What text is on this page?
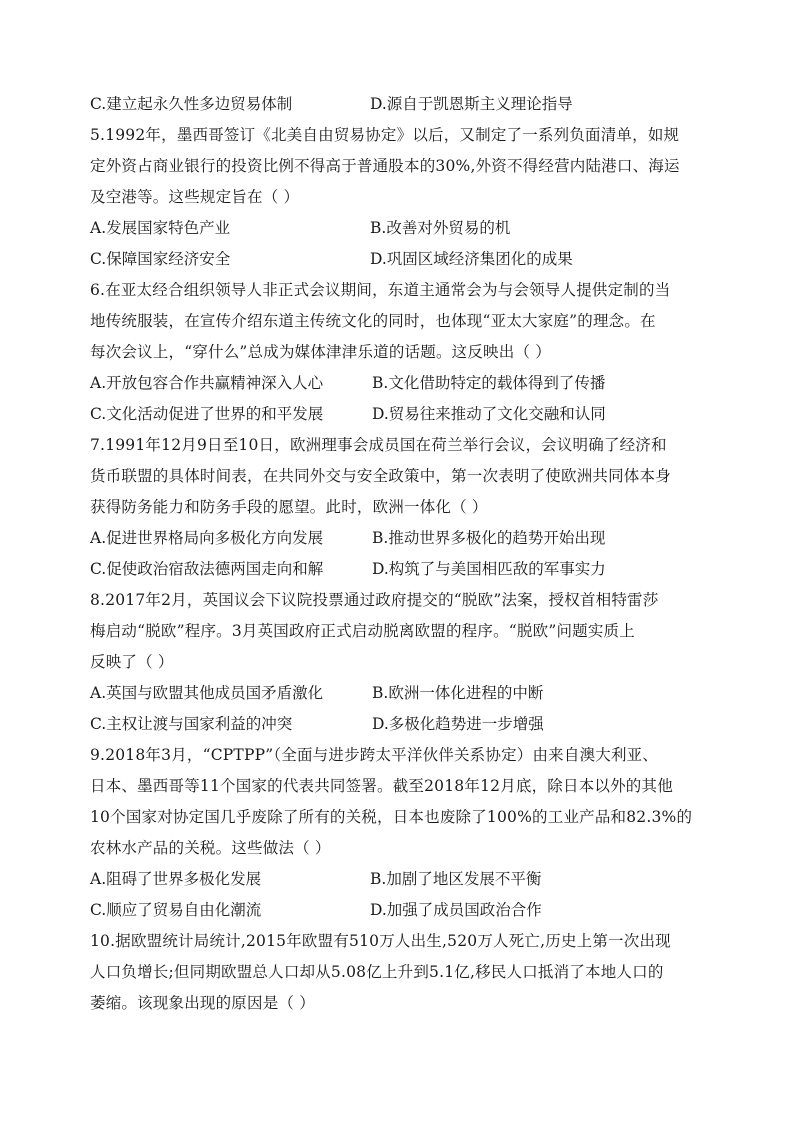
C.建立起永久性多边贸易体制	D.源自于凯恩斯主义理论指导
5.1992年，墨西哥签订《北美自由贸易协定》以后，又制定了一系列负面清单，如规
定外资占商业银行的投资比例不得高于普通股本的30%,外资不得经营内陆港口、海运
及空港等。这些规定旨在（ ）
A.发展国家特色产业	B.改善对外贸易的机
C.保障国家经济安全	D.巩固区域经济集团化的成果
6.在亚太经合组织领导人非正式会议期间，东道主通常会为与会领导人提供定制的当
地传统服装，在宣传介绍东道主传统文化的同时，也体现“亚太大家庭”的理念。在
每次会议上，“穿什么”总成为媒体津津乐道的话题。这反映出（ ）
A.开放包容合作共赢精神深入人心	B.文化借助特定的载体得到了传播
C.文化活动促进了世界的和平发展	D.贸易往来推动了文化交融和认同
7.1991年12月9日至10日，欧洲理事会成员国在荷兰举行会议，会议明确了经济和
货币联盟的具体时间表，在共同外交与安全政策中，第一次表明了使欧洲共同体本身
获得防务能力和防务手段的愿望。此时，欧洲一体化（ ）
A.促进世界格局向多极化方向发展	B.推动世界多极化的趋势开始出现
C.促使政治宿敌法德两国走向和解	D.构筑了与美国相匹敌的军事实力
8.2017年2月，英国议会下议院投票通过政府提交的“脱欧”法案，授权首相特雷莎
梅启动“脱欧”程序。3月英国政府正式启动脱离欧盟的程序。“脱欧”问题实质上
反映了（ ）
A.英国与欧盟其他成员国矛盾激化	B.欧洲一体化进程的中断
C.主权让渡与国家利益的冲突	D.多极化趋势进一步增强
9.2018年3月，“CPTPP”（全面与进步跨太平洋伙伴关系协定）由来自澳大利亚、
日本、墨西哥等11个国家的代表共同签署。截至2018年12月底，除日本以外的其他
10个国家对协定国几乎废除了所有的关税，日本也废除了100%的工业产品和82.3%的
农林水产品的关税。这些做法（ ）
A.阻碍了世界多极化发展	B.加剧了地区发展不平衡
C.顺应了贸易自由化潮流	D.加强了成员国政治合作
10.据欧盟统计局统计,2015年欧盟有510万人出生,520万人死亡,历史上第一次出现
人口负增长;但同期欧盟总人口却从5.08亿上升到5.1亿,移民人口抵消了本地人口的
萎缩。该现象出现的原因是（ ）
